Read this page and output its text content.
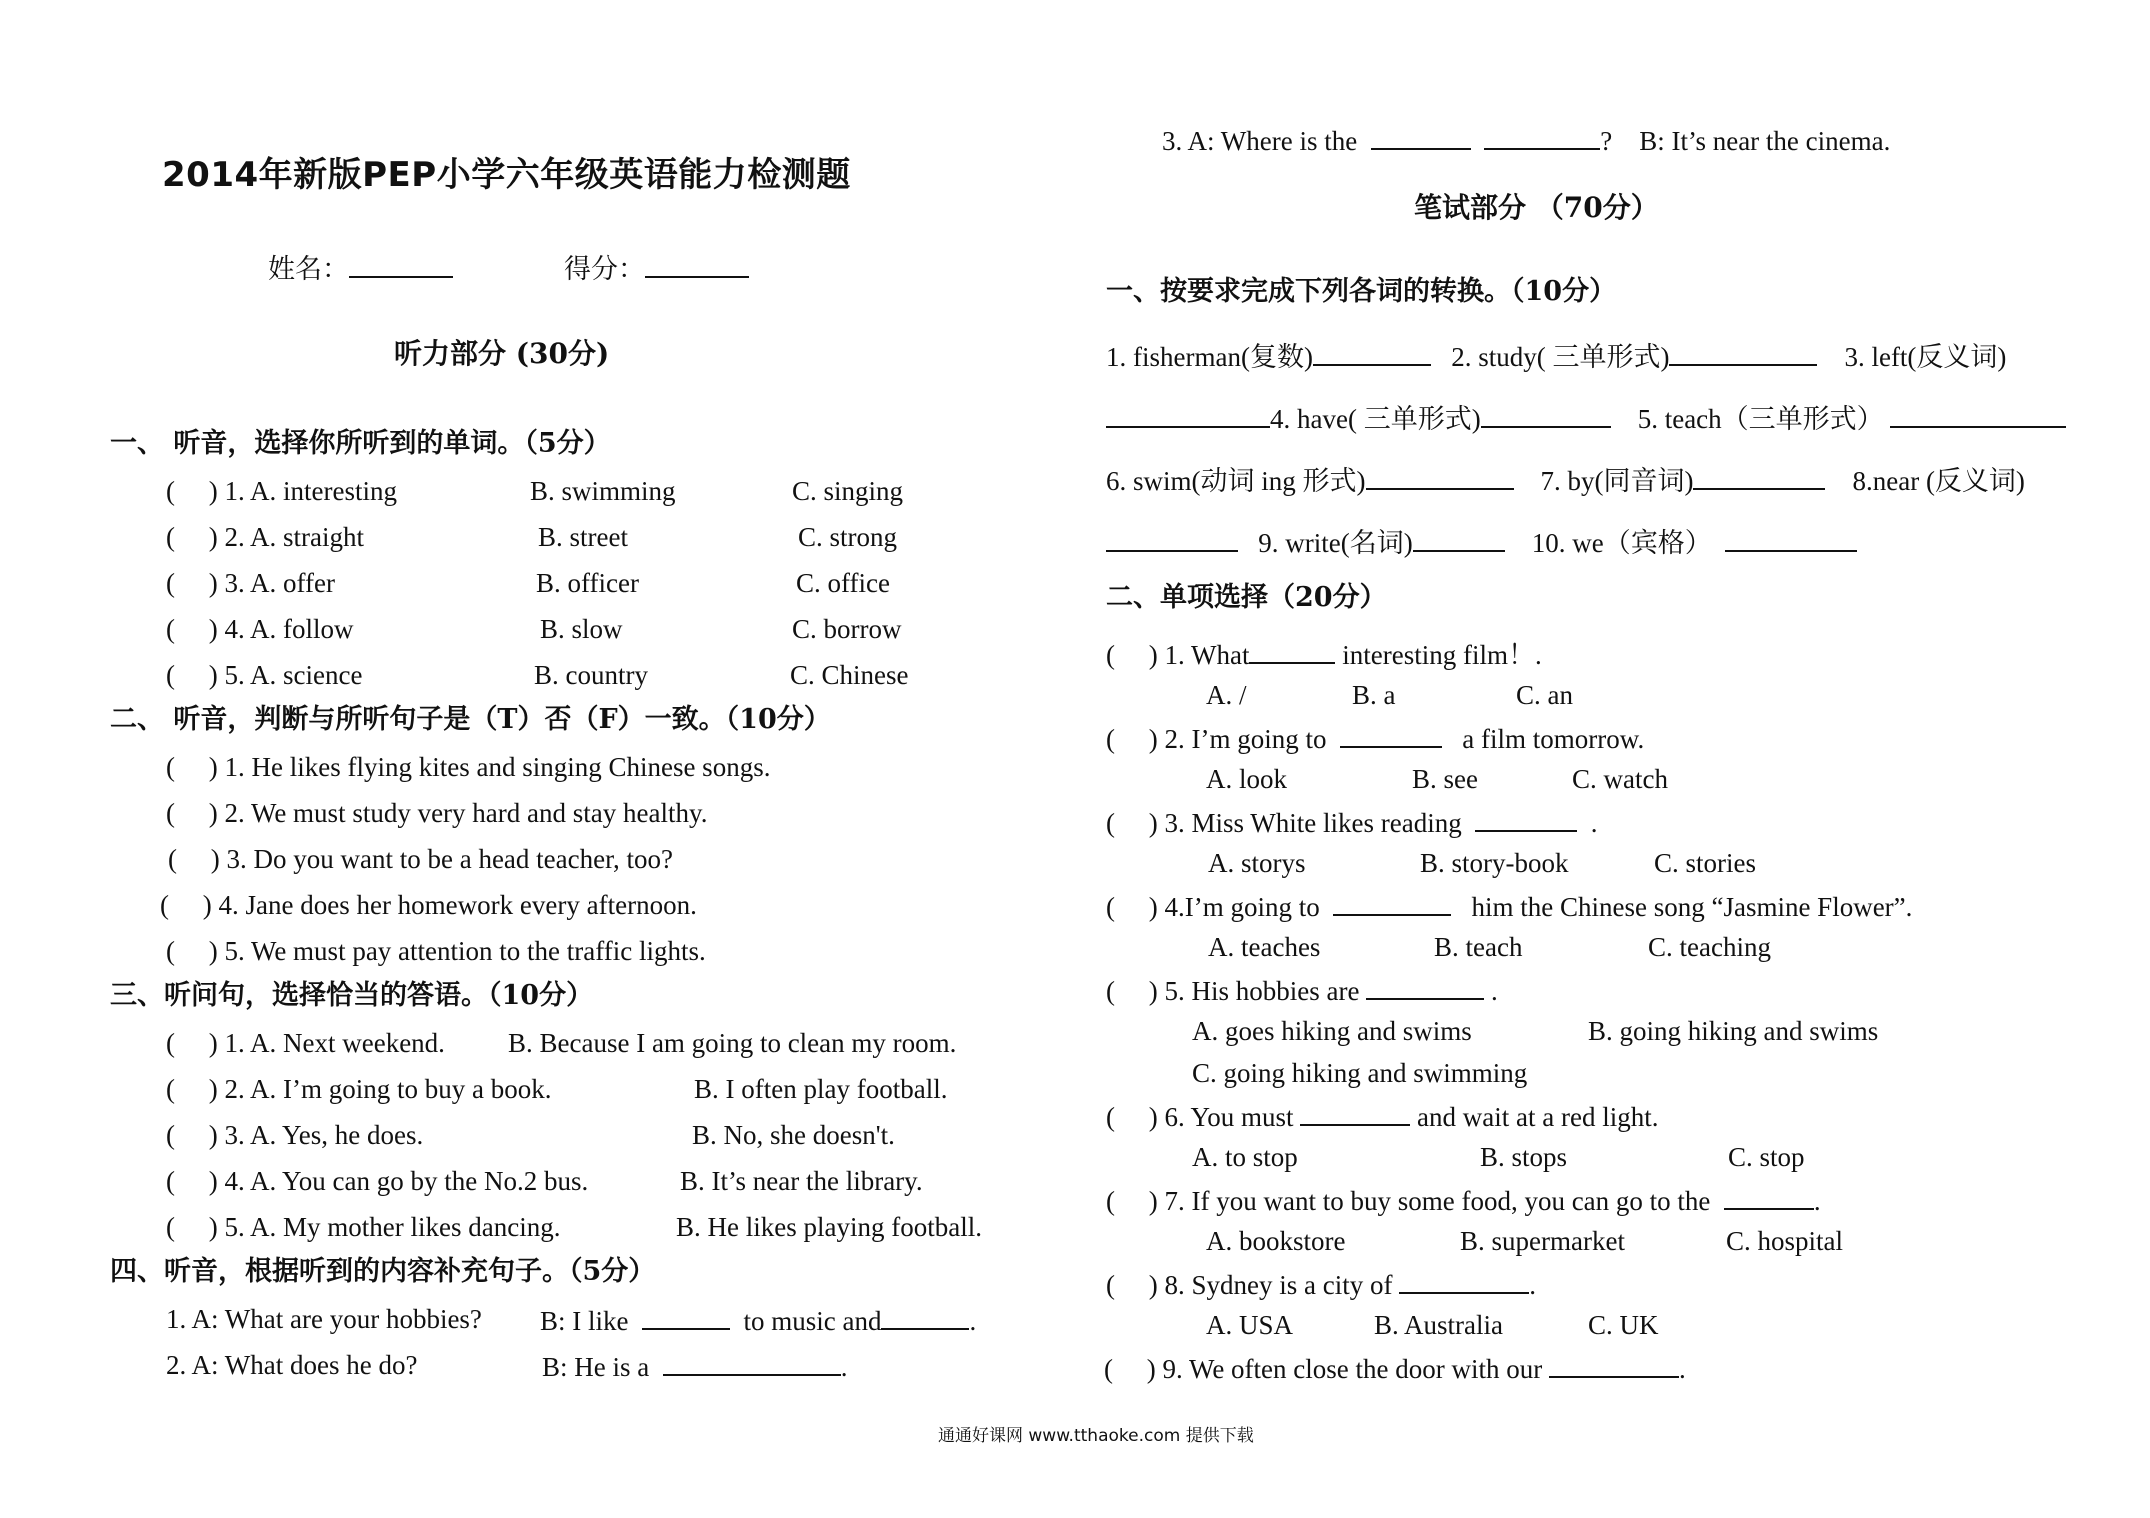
2014年新版PEP小学六年级英语能力检测题
姓名：	得分：
听力部分 (30分)
一、 听音，选择你所听到的单词。（5分）
(     ) 1. A. interesting	B. swimming	C. singing
(     ) 2. A. straight	B. street	C. strong
(     ) 3. A. offer	B. officer	C. office
(     ) 4. A. follow	B. slow	C. borrow
(     ) 5. A. science	B. country	C. Chinese
二、 听音，判断与所听句子是（T）否（F）一致。（10分）
(     ) 1. He likes flying kites and singing Chinese songs.
(     ) 2. We must study very hard and stay healthy.
(     ) 3. Do you want to be a head teacher, too?
(     ) 4. Jane does her homework every afternoon.
(     ) 5. We must pay attention to the traffic lights.
三、听问句，选择恰当的答语。（10分）
(     ) 1. A. Next weekend. B. Because I am going to clean my room.
(     ) 2. A. I’m going to buy a book.	B. I often play football.
(     ) 3. A. Yes, he does.	B. No, she doesn't.
(     ) 4. A. You can go by the No.2 bus.	B. It’s near the library.
(     ) 5. A. My mother likes dancing.	B. He likes playing football.
四、听音，根据听到的内容补充句子。（5分）
1. A: What are your hobbies? B: I like	to music and	.
2. A: What does he do?	B: He is a	.
3. A: Where is the	?    B: It’s near the cinema.
笔试部分 （70分）
一、按要求完成下列各词的转换。（10分）
1. fisherman(复数)	2. study( 三单形式)	3. left(反义词)
4. have( 三单形式)	5. teach（三单形式）
6. swim(动词 ing 形式)	7. by(同音词)	8.near (反义词)
9. write(名词)	10. we（宾格）
二、单项选择（20分）
(     ) 1. What	interesting film！.
A. /	B. a	C. an
(     ) 2. I’m going to	a film tomorrow.
A. look	B. see	C. watch
(     ) 3. Miss White likes reading	.
A. storys	B. story-book	C. stories
(     ) 4.I’m going to	him the Chinese song “Jasmine Flower”.
A. teaches	B. teach	C. teaching
(     ) 5. His hobbies are	.
A. goes hiking and swims	B. going hiking and swims
C. going hiking and swimming
(     ) 6. You must	and wait at a red light.
A. to stop	B. stops	C. stop
(     ) 7. If you want to buy some food, you can go to the	.
A. bookstore	B. supermarket	C. hospital
(     ) 8. Sydney is a city of	.
A. USA	B. Australia	C. UK
(     ) 9. We often close the door with our	.
通通好课网 www.tthaoke.com 提供下载
